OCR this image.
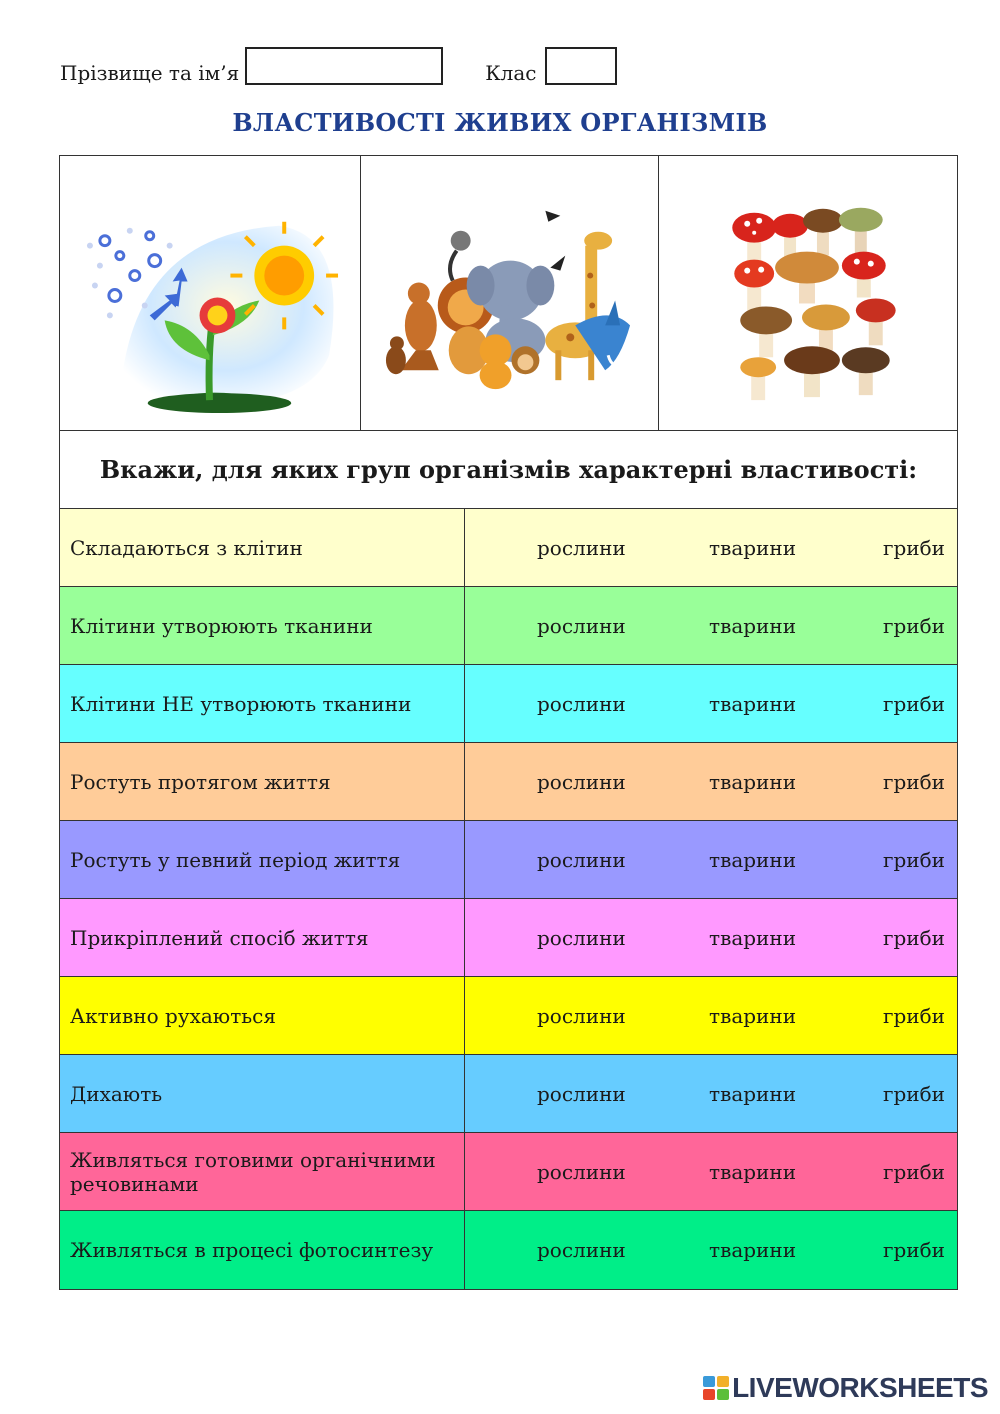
Прізвище та ім’я	Клас
ВЛАСТИВОСТІ ЖИВИХ ОРГАНІЗМІВ
Вкажи, для яких груп організмів характерні властивості:
Складаються з клітин	рослини	тварини	гриби
Клітини утворюють тканини	рослини	тварини	гриби
Клітини НЕ утворюють тканини	рослини	тварини	гриби
Ростуть протягом життя	рослини	тварини	гриби
Ростуть у певний період життя	рослини	тварини	гриби
Прикріплений спосіб життя	рослини	тварини	гриби
Активно рухаються	рослини	тварини	гриби
Дихають	рослини	тварини	гриби
Живляться готовими органічними речовинами	рослини	тварини	гриби
Живляться в процесі фотосинтезу	рослини	тварини	гриби
LIVEWORKSHEETS
